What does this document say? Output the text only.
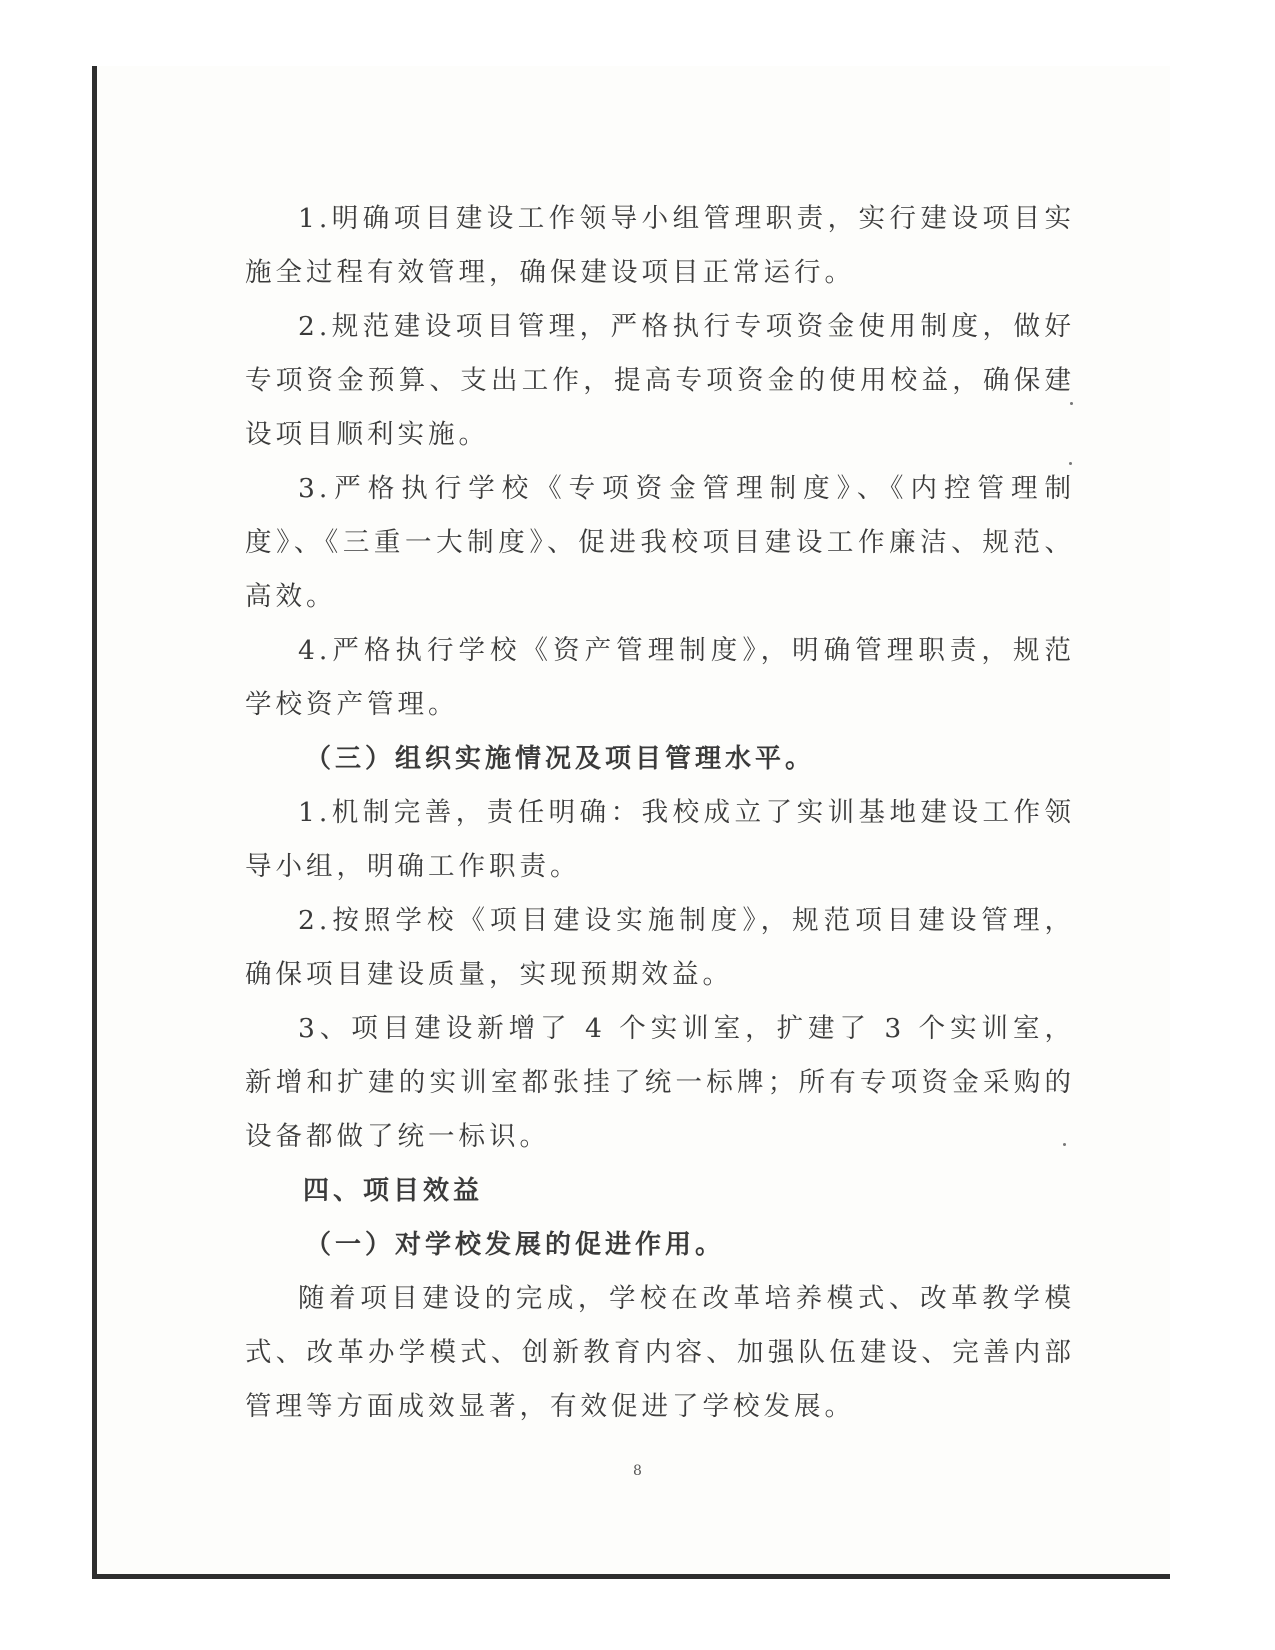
1.明确项目建设工作领导小组管理职责，实行建设项目实施全过程有效管理，确保建设项目正常运行。

2.规范建设项目管理，严格执行专项资金使用制度，做好专项资金预算、支出工作，提高专项资金的使用校益，确保建设项目顺利实施。

3.严格执行学校《专项资金管理制度》、《内控管理制度》、《三重一大制度》、促进我校项目建设工作廉洁、规范、高效。

4.严格执行学校《资产管理制度》，明确管理职责，规范学校资产管理。

（三）组织实施情况及项目管理水平。

1.机制完善，责任明确：我校成立了实训基地建设工作领导小组，明确工作职责。

2.按照学校《项目建设实施制度》，规范项目建设管理，确保项目建设质量，实现预期效益。

3、项目建设新增了 4 个实训室，扩建了 3 个实训室，新增和扩建的实训室都张挂了统一标牌；所有专项资金采购的设备都做了统一标识。

四、项目效益

（一）对学校发展的促进作用。

随着项目建设的完成，学校在改革培养模式、改革教学模式、改革办学模式、创新教育内容、加强队伍建设、完善内部管理等方面成效显著，有效促进了学校发展。

8
